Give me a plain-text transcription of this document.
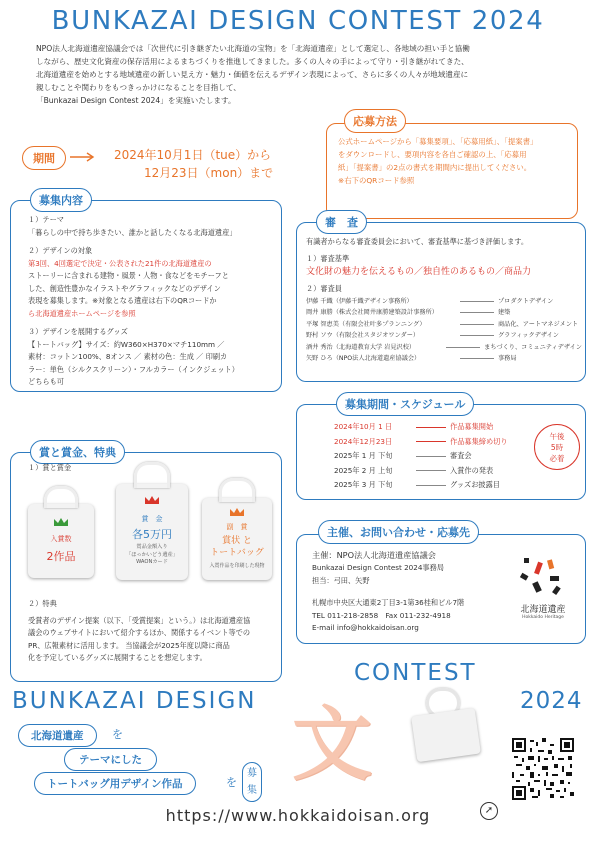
BUNKAZAI DESIGN CONTEST 2024
NPO法人北海道遺産協議会では「次世代に引き継ぎたい北海道の宝物」を「北海道遺産」として選定し、各地域の担い手と協働
しながら、歴史文化資産の保存活用によるまちづくりを推進してきました。多くの人々の手によって守り・引き継がれてきた、
北海道遺産を始めとする地域遺産の新しい見え方・魅力・価値を伝えるデザイン表現によって、さらに多くの人々が地域遺産に
親しむことや関わりをもつきっかけになることを目指して、
「Bunkazai Design Contest 2024」を実施いたします。
期間	2024年10月1日（tue）から
12月23日（mon）まで
応募方法
公式ホームページから「募集要項」、「応募用紙」、「提案書」
をダウンロードし、要項内容を各自ご確認の上、「応募用
紙」「提案書」の2点の書式を期間内に提出してください。
※右下のQRコード参照
募集内容
１）テーマ
「暮らしの中で持ち歩きたい、誰かと話したくなる北海道遺産」
２）デザインの対象
第3回、4回選定で決定・公表された21件の北海道遺産の
ストーリーに含まれる建物・風景・人物・食などをモチーフと
した、創造性豊かなイラストやグラフィックなどのデザイン
表現を募集します。※対象となる遺産は右下のQRコードか
ら北海道遺産ホームページを参照
３）デザインを展開するグッズ
【トートバッグ】サイズ：約W360×H370×マチ110mm ／
素材：コットン100%、8オンス ／ 素材の色：生成 ／ 印刷カ
ラー：単色（シルクスクリーン）・フルカラー（インクジェット）
どちらも可
審　査
有識者からなる審査委員会において、審査基準に基づき評価します。
１）審査基準
文化財の魅力を伝えるもの／独自性のあるもの／商品力
２）審査員
伊藤 千織（伊藤千織デザイン事務所）	プロダクトデザイン
岡井 康勝（株式会社岡井康勝建築設計事務所）	建築
平塚 智恵美（有限会社叶多プランニング）	商品化、アートマネジメント
野村 ソウ（有限会社スタジオワンダー）	グラフィックデザイン
酒井 秀治（北海道教育大学 岩見沢校）	まちづくり、コミュニティデザイン
矢野 ひろ（NPO法人北海道遺産協議会）	事務局
賞と賞金、特典
１）賞と賞金
入賞数
2作品
賞　金
各5万円
賞品金額入り
「ほっかいどう遺産」
WAONカード
副　賞
賞状 と
トートバッグ
入賞作品を印刷した現物
２）特典
受賞者のデザイン提案（以下、「受賞提案」という。）は北海道遺産協
議会のウェブサイトにおいて紹介するほか、関係するイベント等での
PR、広報素材に活用します。 当協議会が2025年度以降に商品
化を予定しているグッズに展開することを想定します。
募集期間・スケジュール
2024年10月 1 日	作品募集開始
2024年12月23日	作品募集締め切り
2025年 1 月 下旬	審査会
2025年 2 月 上旬	入賞作の発表
2025年 3 月 下旬	グッズお披露目
午後
5時
必着
主催、お問い合わせ・応募先
主催：NPO法人北海道遺産協議会
Bunkazai Design Contest 2024事務局
担当：弓田、矢野
札幌市中央区大通東2丁目3-1第36桂和ビル7階
TEL 011-218-2858　Fax 011-232-4918
E-mail info@hokkaidoisan.org
北海道遺産
Hokkaido Heritage
CONTEST
BUNKAZAI DESIGN	2024
北海道遺産	を
テーマにした
トートバッグ用デザイン作品	を
募
集 文
https://www.hokkaidoisan.org	➚
